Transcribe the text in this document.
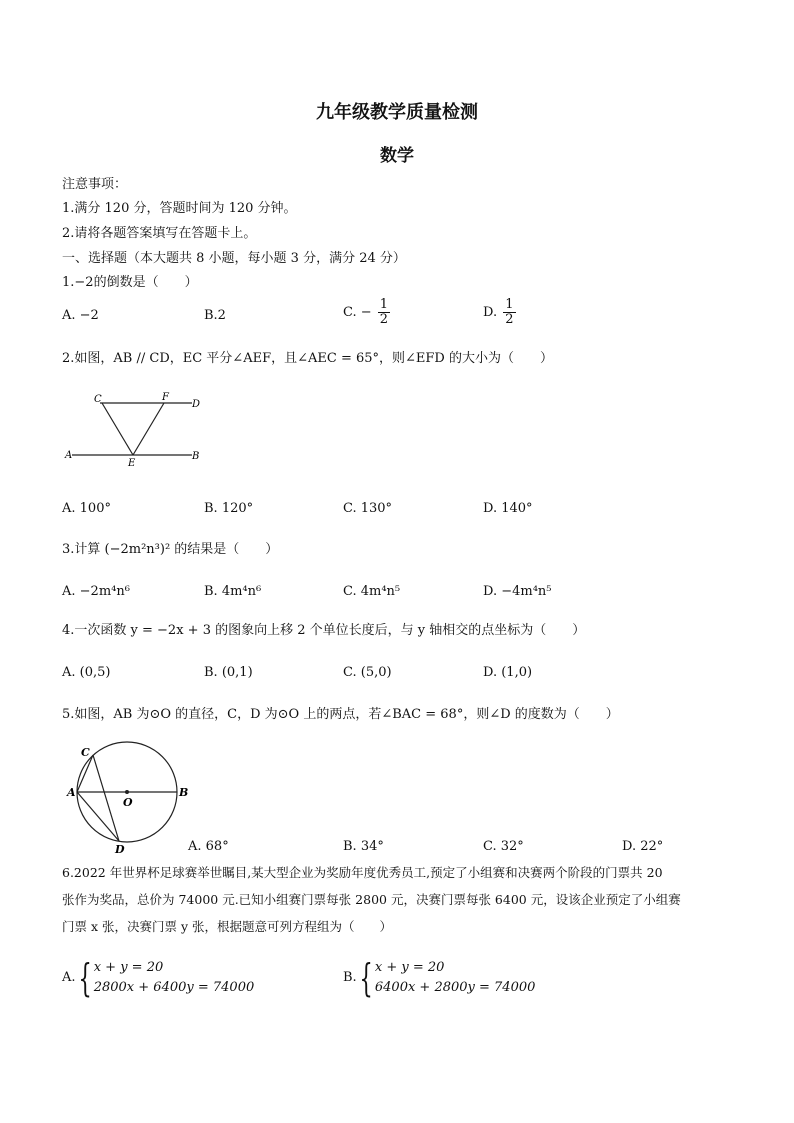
九年级教学质量检测
数学
注意事项：
1.满分 120 分，答题时间为 120 分钟。
2.请将各题答案填写在答题卡上。
一、选择题（本大题共 8 小题，每小题 3 分，满分 24 分）
1.−2的倒数是（　　）
A. −2	B.2	C. − $\frac{1}{2}$	D. $\frac{1}{2}$
2.如图，AB // CD，EC 平分∠AEF，且∠AEC = 65°，则∠EFD 的大小为（　　）
C	F
D
A
E
B
A. 100°	B. 120°	C. 130°	D. 140°
3.计算 (−2m²n³)² 的结果是（　　）
A. −2m⁴n⁶	B. 4m⁴n⁶	C. 4m⁴n⁵	D. −4m⁴n⁵
4.一次函数 y = −2x + 3 的图象向上移 2 个单位长度后，与 y 轴相交的点坐标为（　　）
A. (0,5)	B. (0,1)	C. (5,0)	D. (1,0)
5.如图，AB 为⊙O 的直径，C，D 为⊙O 上的两点，若∠BAC = 68°，则∠D 的度数为（　　）
C
A
O
B
D	A. 68°	B. 34°	C. 32°	D. 22°
6.2022 年世界杯足球赛举世瞩目,某大型企业为奖励年度优秀员工,预定了小组赛和决赛两个阶段的门票共 20
张作为奖品，总价为 74000 元.已知小组赛门票每张 2800 元，决赛门票每张 6400 元，设该企业预定了小组赛
门票 x 张，决赛门票 y 张，根据题意可列方程组为（　　）
A. { x + y = 20
2800x + 6400y = 74000
B. { x + y = 20
6400x + 2800y = 74000
